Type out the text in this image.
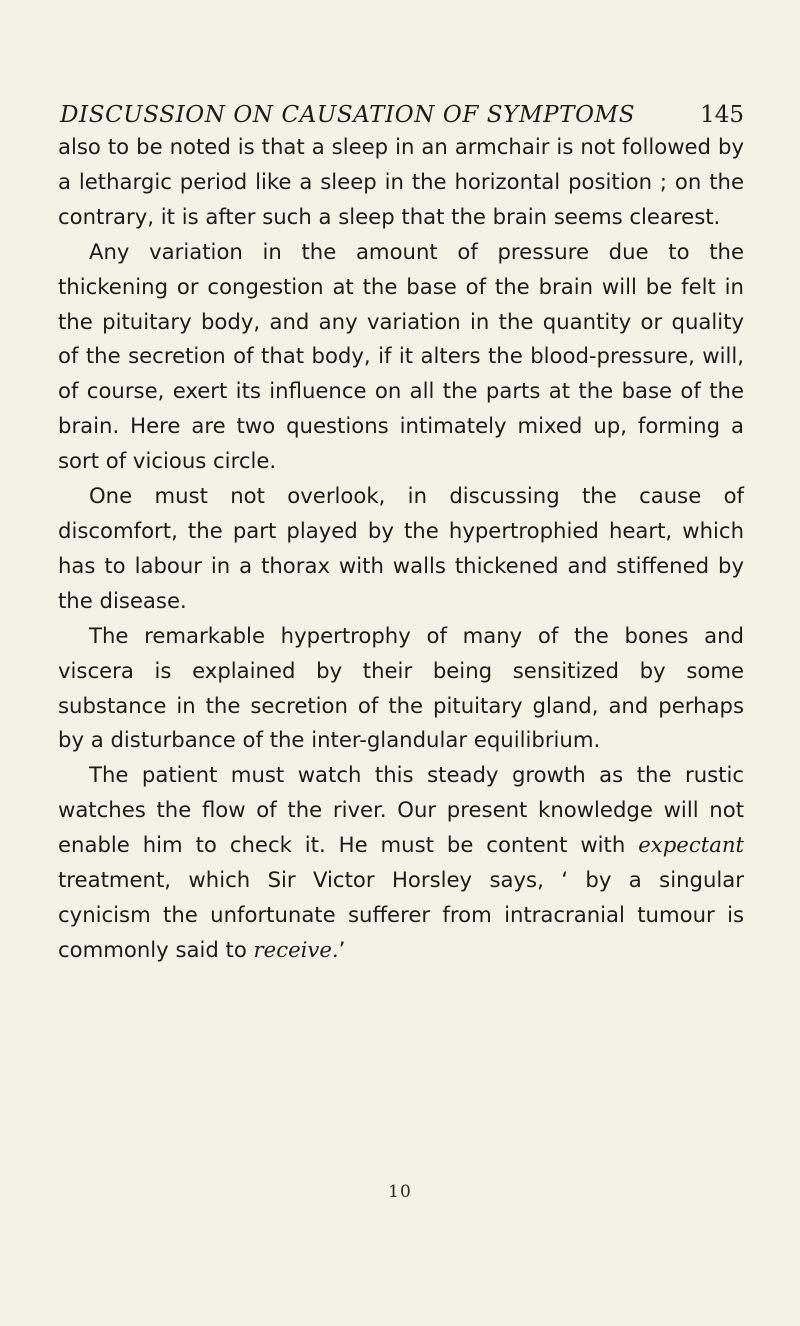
DISCUSSION ON CAUSATION OF SYMPTOMS	145

also to be noted is that a sleep in an armchair is not followed by a lethargic period like a sleep in the horizontal position ; on the contrary, it is after such a sleep that the brain seems clearest.

Any variation in the amount of pressure due to the thickening or congestion at the base of the brain will be felt in the pituitary body, and any variation in the quantity or quality of the secretion of that body, if it alters the blood-pressure, will, of course, exert its influence on all the parts at the base of the brain. Here are two questions intimately mixed up, forming a sort of vicious circle.

One must not overlook, in discussing the cause of discomfort, the part played by the hypertrophied heart, which has to labour in a thorax with walls thickened and stiffened by the disease.

The remarkable hypertrophy of many of the bones and viscera is explained by their being sensitized by some substance in the secretion of the pituitary gland, and perhaps by a disturbance of the inter-glandular equilibrium.

The patient must watch this steady growth as the rustic watches the flow of the river. Our present knowledge will not enable him to check it. He must be content with expectant treatment, which Sir Victor Horsley says, ‘ by a singular cynicism the unfortunate sufferer from intracranial tumour is commonly said to receive.’

10
